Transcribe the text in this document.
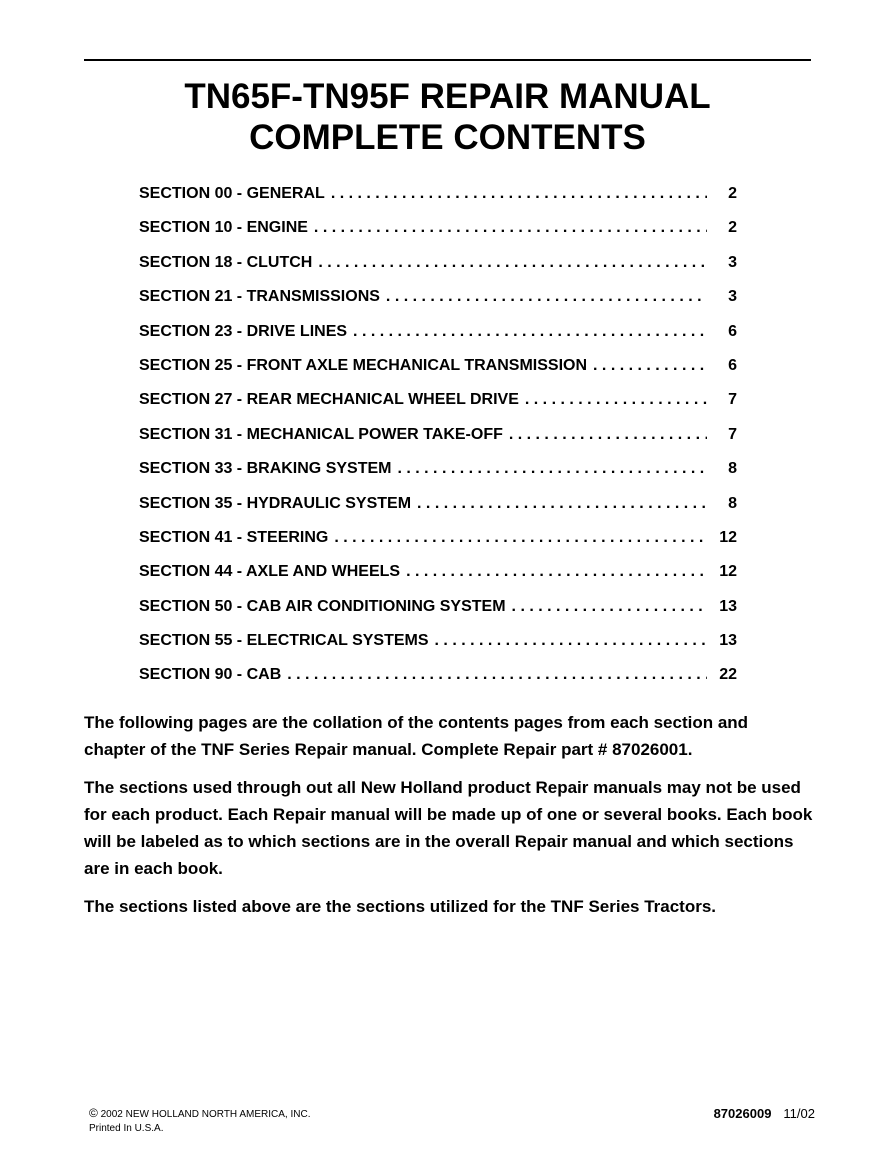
TN65F-TN95F REPAIR MANUAL
COMPLETE CONTENTS
SECTION 00 - GENERAL . . .	2
SECTION 10 - ENGINE . . .	2
SECTION 18 - CLUTCH . . .	3
SECTION 21 - TRANSMISSIONS . . .	3
SECTION 23 - DRIVE LINES . . .	6
SECTION 25 - FRONT AXLE MECHANICAL TRANSMISSION . . .	6
SECTION 27 - REAR MECHANICAL WHEEL DRIVE . . .	7
SECTION 31 - MECHANICAL POWER TAKE-OFF . . .	7
SECTION 33 - BRAKING SYSTEM . . .	8
SECTION 35 - HYDRAULIC SYSTEM . . .	8
SECTION 41 - STEERING . . .	12
SECTION 44 - AXLE AND WHEELS . . .	12
SECTION 50 - CAB AIR CONDITIONING SYSTEM . . .	13
SECTION 55 - ELECTRICAL SYSTEMS . . .	13
SECTION 90 - CAB . . .	22

The following pages are the collation of the contents pages from each section and chapter of the TNF Series Repair manual. Complete Repair part # 87026001.

The sections used through out all New Holland product Repair manuals may not be used for each product. Each Repair manual will be made up of one or several books. Each book will be labeled as to which sections are in the overall Repair manual and which sections are in each book.

The sections listed above are the sections utilized for the TNF Series Tractors.

© 2002 NEW HOLLAND NORTH AMERICA, INC.
Printed In U.S.A.
87026009 11/02
